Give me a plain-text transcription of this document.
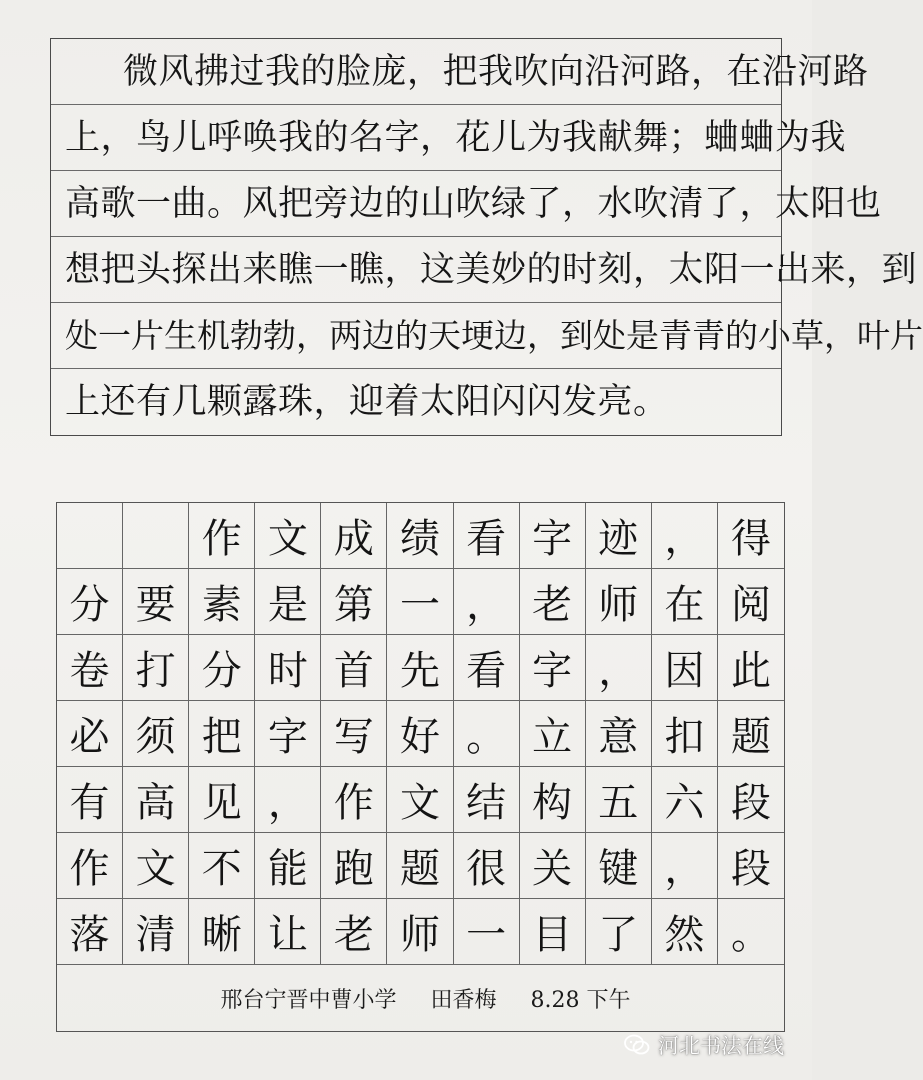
微风拂过我的脸庞，把我吹向沿河路，在沿河路
上，鸟儿呼唤我的名字，花儿为我献舞；蛐蛐为我
高歌一曲。风把旁边的山吹绿了，水吹清了，太阳也
想把头探出来瞧一瞧，这美妙的时刻，太阳一出来，到
处一片生机勃勃，两边的天埂边，到处是青青的小草，叶片
上还有几颗露珠，迎着太阳闪闪发亮。
作 文 成 绩 看 字 迹 ， 得
分 要 素 是 第 一 ， 老 师 在 阅
卷 打 分 时 首 先 看 字 ， 因 此
必 须 把 字 写 好 。 立 意 扣 题
有 高 见 ， 作 文 结 构 五 六 段
作 文 不 能 跑 题 很 关 键 ， 段
落 清 晰 让 老 师 一 目 了 然 。
邢台宁晋中曹小学 田香梅 8.28 下午
河北书法在线
